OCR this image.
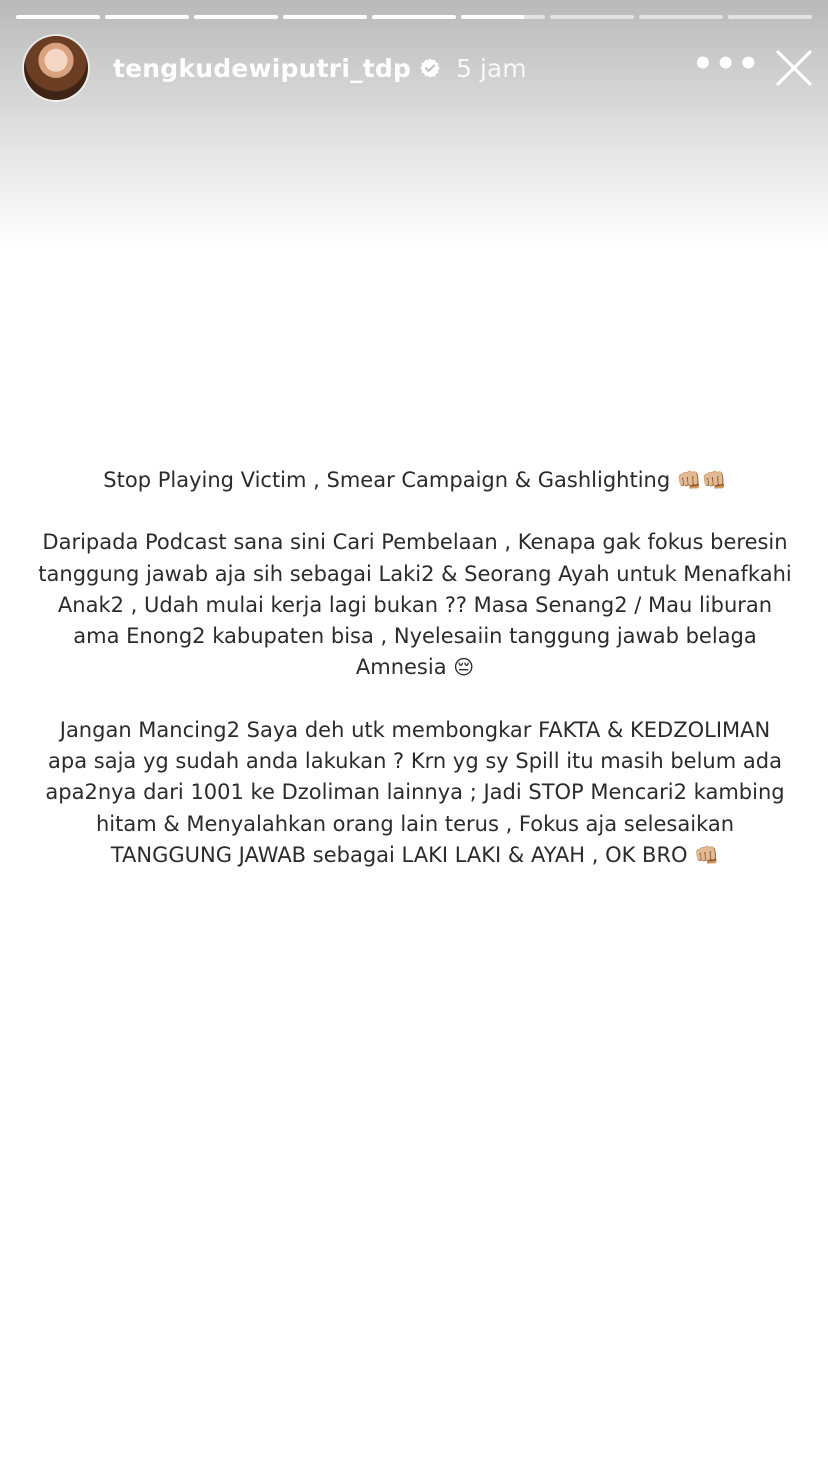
tengkudewiputri_tdp 5 jam	•••

Stop Playing Victim , Smear Campaign & Gashlighting 👊🏼👊🏼

Daripada Podcast sana sini Cari Pembelaan , Kenapa gak fokus beresin
tanggung jawab aja sih sebagai Laki2 & Seorang Ayah untuk Menafkahi
Anak2 , Udah mulai kerja lagi bukan ?? Masa Senang2 / Mau liburan
ama Enong2 kabupaten bisa , Nyelesaiin tanggung jawab belaga
Amnesia 😔

Jangan Mancing2 Saya deh utk membongkar FAKTA & KEDZOLIMAN
apa saja yg sudah anda lakukan ? Krn yg sy Spill itu masih belum ada
apa2nya dari 1001 ke Dzoliman lainnya ; Jadi STOP Mencari2 kambing
hitam & Menyalahkan orang lain terus , Fokus aja selesaikan
TANGGUNG JAWAB sebagai LAKI LAKI & AYAH , OK BRO 👊🏼
